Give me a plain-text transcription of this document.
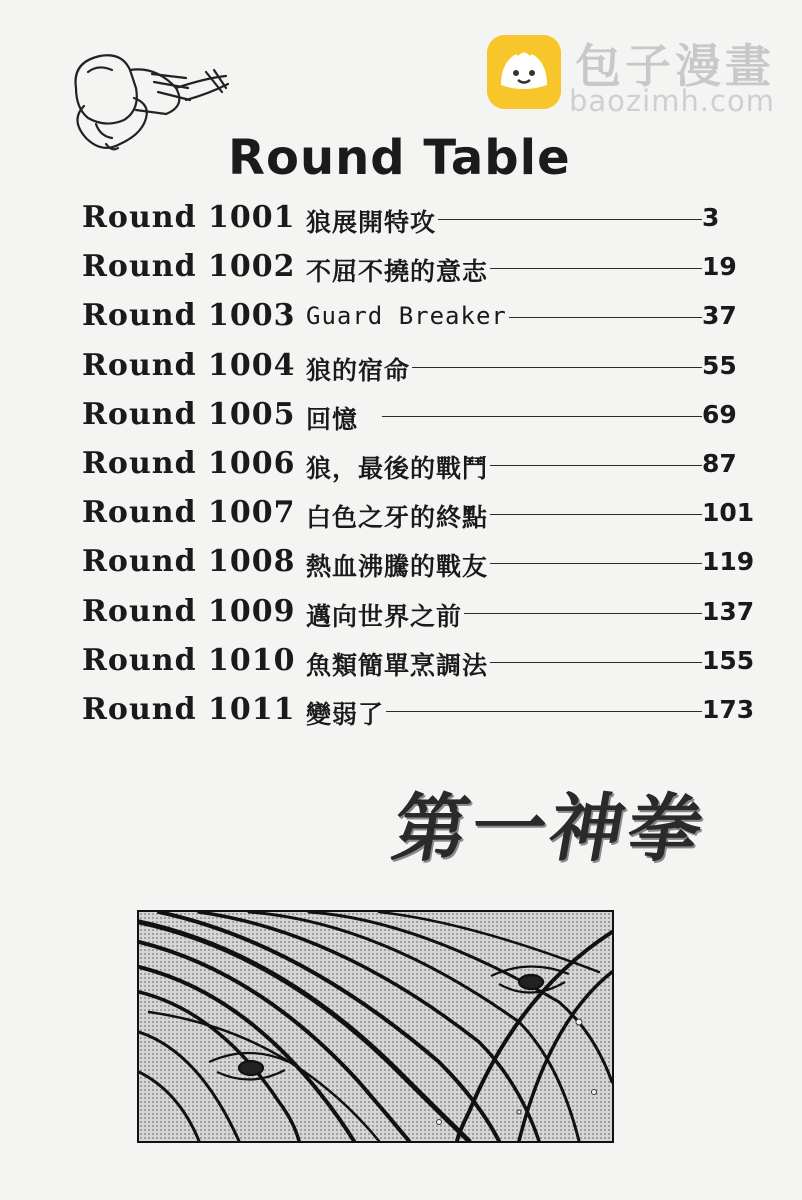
包子漫畫
baozimh.com
Round Table
Round 1001 狼展開特攻	3
Round 1002 不屈不撓的意志	19
Round 1003 Guard Breaker	37
Round 1004 狼的宿命	55
Round 1005 回憶	69
Round 1006 狼，最後的戰鬥	87
Round 1007 白色之牙的終點	101
Round 1008 熱血沸騰的戰友	119
Round 1009 邁向世界之前	137
Round 1010 魚類簡單烹調法	155
Round 1011 變弱了	173
第一神拳
